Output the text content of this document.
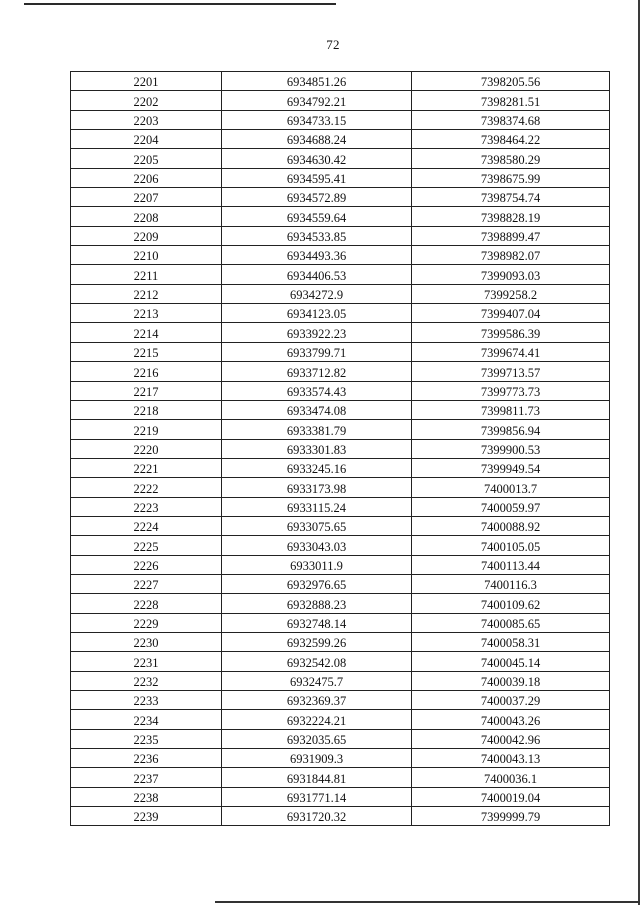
72
2201	6934851.26	7398205.56
2202	6934792.21	7398281.51
2203	6934733.15	7398374.68
2204	6934688.24	7398464.22
2205	6934630.42	7398580.29
2206	6934595.41	7398675.99
2207	6934572.89	7398754.74
2208	6934559.64	7398828.19
2209	6934533.85	7398899.47
2210	6934493.36	7398982.07
2211	6934406.53	7399093.03
2212	6934272.9	7399258.2
2213	6934123.05	7399407.04
2214	6933922.23	7399586.39
2215	6933799.71	7399674.41
2216	6933712.82	7399713.57
2217	6933574.43	7399773.73
2218	6933474.08	7399811.73
2219	6933381.79	7399856.94
2220	6933301.83	7399900.53
2221	6933245.16	7399949.54
2222	6933173.98	7400013.7
2223	6933115.24	7400059.97
2224	6933075.65	7400088.92
2225	6933043.03	7400105.05
2226	6933011.9	7400113.44
2227	6932976.65	7400116.3
2228	6932888.23	7400109.62
2229	6932748.14	7400085.65
2230	6932599.26	7400058.31
2231	6932542.08	7400045.14
2232	6932475.7	7400039.18
2233	6932369.37	7400037.29
2234	6932224.21	7400043.26
2235	6932035.65	7400042.96
2236	6931909.3	7400043.13
2237	6931844.81	7400036.1
2238	6931771.14	7400019.04
2239	6931720.32	7399999.79
